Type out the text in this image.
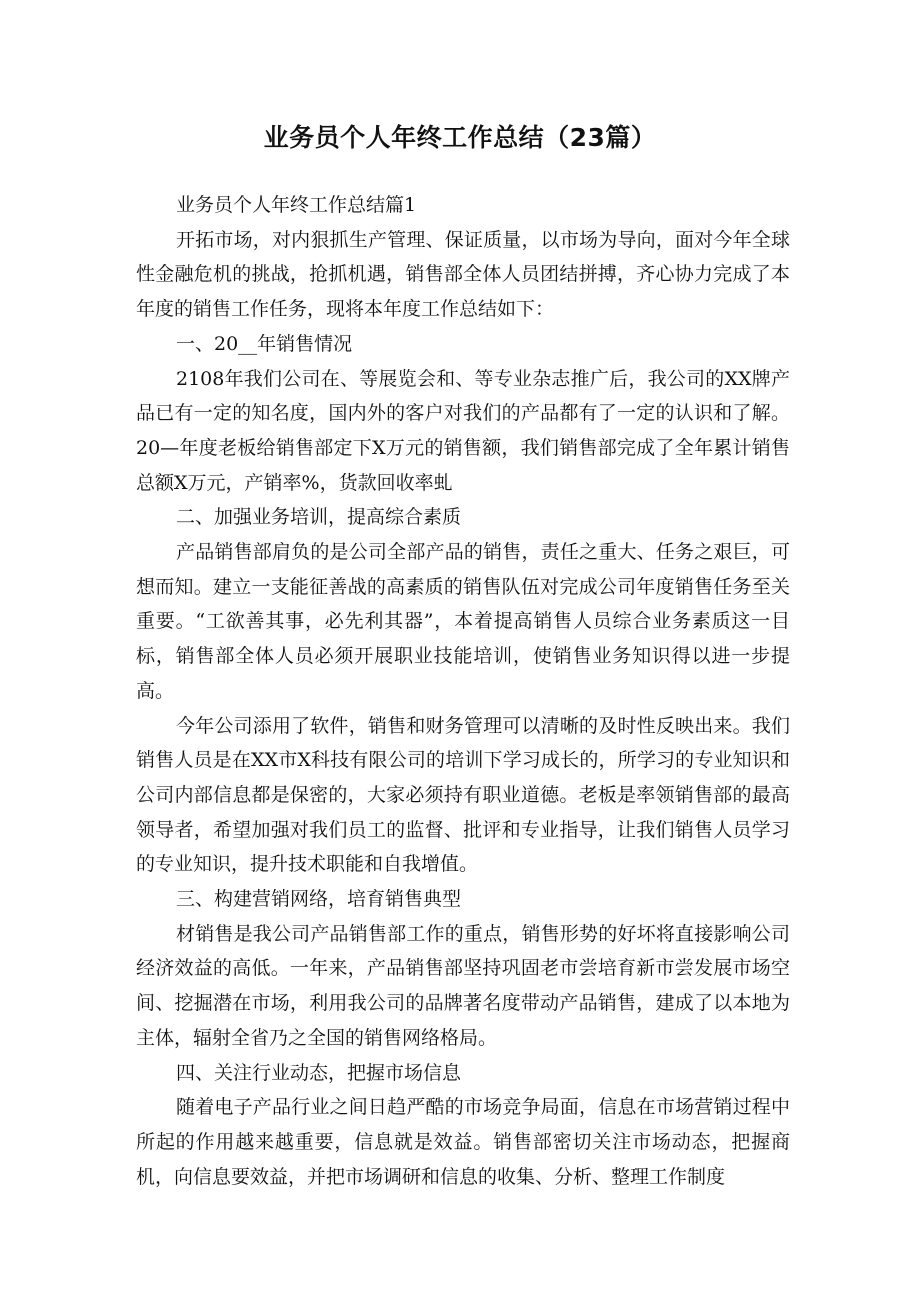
业务员个人年终工作总结（23篇）

业务员个人年终工作总结篇1

开拓市场，对内狠抓生产管理、保证质量，以市场为导向，面对今年全球性金融危机的挑战，抢抓机遇，销售部全体人员团结拼搏，齐心协力完成了本年度的销售工作任务，现将本年度工作总结如下：

一、20__年销售情况

2108年我们公司在、等展览会和、等专业杂志推广后，我公司的XX牌产品已有一定的知名度，国内外的客户对我们的产品都有了一定的认识和了解。20—年度老板给销售部定下X万元的销售额，我们销售部完成了全年累计销售总额X万元，产销率%，货款回收率虬

二、加强业务培训，提高综合素质

产品销售部肩负的是公司全部产品的销售，责任之重大、任务之艰巨，可想而知。建立一支能征善战的高素质的销售队伍对完成公司年度销售任务至关重要。“工欲善其事，必先利其器”，本着提高销售人员综合业务素质这一目标，销售部全体人员必须开展职业技能培训，使销售业务知识得以进一步提高。

今年公司添用了软件，销售和财务管理可以清晰的及时性反映出来。我们销售人员是在XX市X科技有限公司的培训下学习成长的，所学习的专业知识和公司内部信息都是保密的，大家必须持有职业道德。老板是率领销售部的最高领导者，希望加强对我们员工的监督、批评和专业指导，让我们销售人员学习的专业知识，提升技术职能和自我增值。

三、构建营销网络，培育销售典型

材销售是我公司产品销售部工作的重点，销售形势的好坏将直接影响公司经济效益的高低。一年来，产品销售部坚持巩固老市尝培育新市尝发展市场空间、挖掘潜在市场，利用我公司的品牌著名度带动产品销售，建成了以本地为主体，辐射全省乃之全国的销售网络格局。

四、关注行业动态，把握市场信息

随着电子产品行业之间日趋严酷的市场竞争局面，信息在市场营销过程中所起的作用越来越重要，信息就是效益。销售部密切关注市场动态，把握商机，向信息要效益，并把市场调研和信息的收集、分析、整理工作制度
